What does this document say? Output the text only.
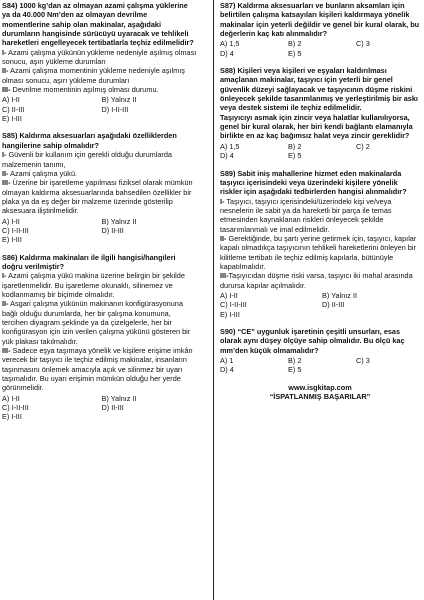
S84) 1000 kg’dan az olmayan azami çalışma yüklerine ya da 40.000 Nm’den az olmayan devrilme momentlerine sahip olan makinalar, aşağıdaki durumların hangisinde sürücüyü uyaracak ve tehlikeli hareketleri engelleyecek tertibatlarla teçhiz edilmelidir?

I- Azami çalışma yükünün yükleme nedeniyle aşılmış olması sonucu, aşırı yükleme durumları

II- Azami çalışma momentinin yükleme nedeniyle aşılmış olması sonucu, aşırı yükleme durumları

III- Devrilme momentinin aşılmış olması durumu.

A) I-II	B) Yalnız II
C) II-III	D) I-II-III
E) I-III

S85) Kaldırma aksesuarları aşağıdaki özelliklerden hangilerine sahip olmalıdır?

I- Güvenli bir kullanım için gerekli olduğu durumlarda malzemenin tanımı,

II- Azami çalışma yükü.

III- Üzerine bir işaretleme yapılması fiziksel olarak mümkün olmayan kaldırma aksesuarlarında bahsedilen özellikler bir plaka ya da eş değer bir malzeme üzerinde gösterilip aksesuara iliştirilmelidir.

A) I-II	B) Yalnız II
C) I-II-III	D) II-III
E) I-III

S86) Kaldırma makinaları ile ilgili hangisi/hangileri doğru verilmiştir?

I- Azami çalışma yükü makina üzerine belirgin bir şekilde işaretlenmelidir. Bu işaretleme okunaklı, silinemez ve kodlanmamış bir biçimde olmalıdır.

II- Asgari çalışma yükünün makinanın konfigürasyonuna bağlı olduğu durumlarda, her bir çalışma konumuna, tercihen diyagram şeklinde ya da çizelgelerle, her bir konfigürasyon için izin verilen çalışma yükünü gösteren bir yük plakası takılmalıdır.

III- Sadece eşya taşımaya yönelik ve kişilere erişime imkân verecek bir taşıyıcı ile teçhiz edilmiş makinalar, insanların taşınmasını önlemek amacıyla açık ve silinmez bir uyarı taşımalıdır. Bu uyarı erişimin mümkün olduğu her yerde görünmelidir.

A) I-II	B) Yalnız II
C) I-II-III	D) II-III
E) I-III

S87) Kaldırma aksesuarları ve bunların aksamları için belirtilen çalışma katsayıları kişileri kaldırmaya yönelik makinalar için yeterli değildir ve genel bir kural olarak, bu değerlerin kaç katı alınmalıdır?

A) 1,5	B) 2	C) 3
D) 4	E) 5

S88) Kişileri veya kişileri ve eşyaları kaldırılması amaçlanan makinalar, taşıyıcı için yeterli bir genel güvenlik düzeyi sağlayacak ve taşıyıcının düşme riskini önleyecek şekilde tasarımlanmış ve yerleştirilmiş bir askı veya destek sistemi ile teçhiz edilmelidir.

Taşıyıcıyı asmak için zincir veya halatlar kullanılıyorsa, genel bir kural olarak, her biri kendi bağlantı elamanıyla birlikte en az kaç bağımsız halat veya zincir gereklidir?

A) 1,5	B) 2	C) 2
D) 4	E) 5

S89) Sabit iniş mahallerine hizmet eden makinalarda taşıyıcı içerisindeki veya üzerindeki kişilere yönelik riskler için aşağıdaki tedbirlerden hangisi alınmalıdır?

I- Taşıyıcı, taşıyıcı içerisindeki/üzerindeki kişi ve/veya nesnelerin ile sabit ya da hareketli bir parça ile temas etmesinden kaynaklanan riskleri önleyecek şekilde tasarımlanmalı ve imal edilmelidir.

II- Gerektiğinde, bu şartı yerine getirmek için, taşıyıcı, kapılar kapalı olmadıkça taşıyıcının tehlikeli hareketlerini önleyen bir kilitleme tertibatı ile teçhiz edilmiş kapılarla, bütünüyle kapatılmalıdır.

III-Taşıyıcıdan düşme riski varsa, taşıyıcı iki mahal arasında durursa kapılar açılmalıdır.

A) I-II	B) Yalnız II
C) I-II-III	D) II-III
E) I-III

S90) “CE” uygunluk işaretinin çeşitli unsurları, esas olarak aynı düşey ölçüye sahip olmalıdır. Bu ölçü kaç mm’den küçük olmamalıdır?

A) 1	B) 2	C) 3
D) 4	E) 5
www.isgkitap.com
“İSPATLANMIŞ BAŞARILAR”
